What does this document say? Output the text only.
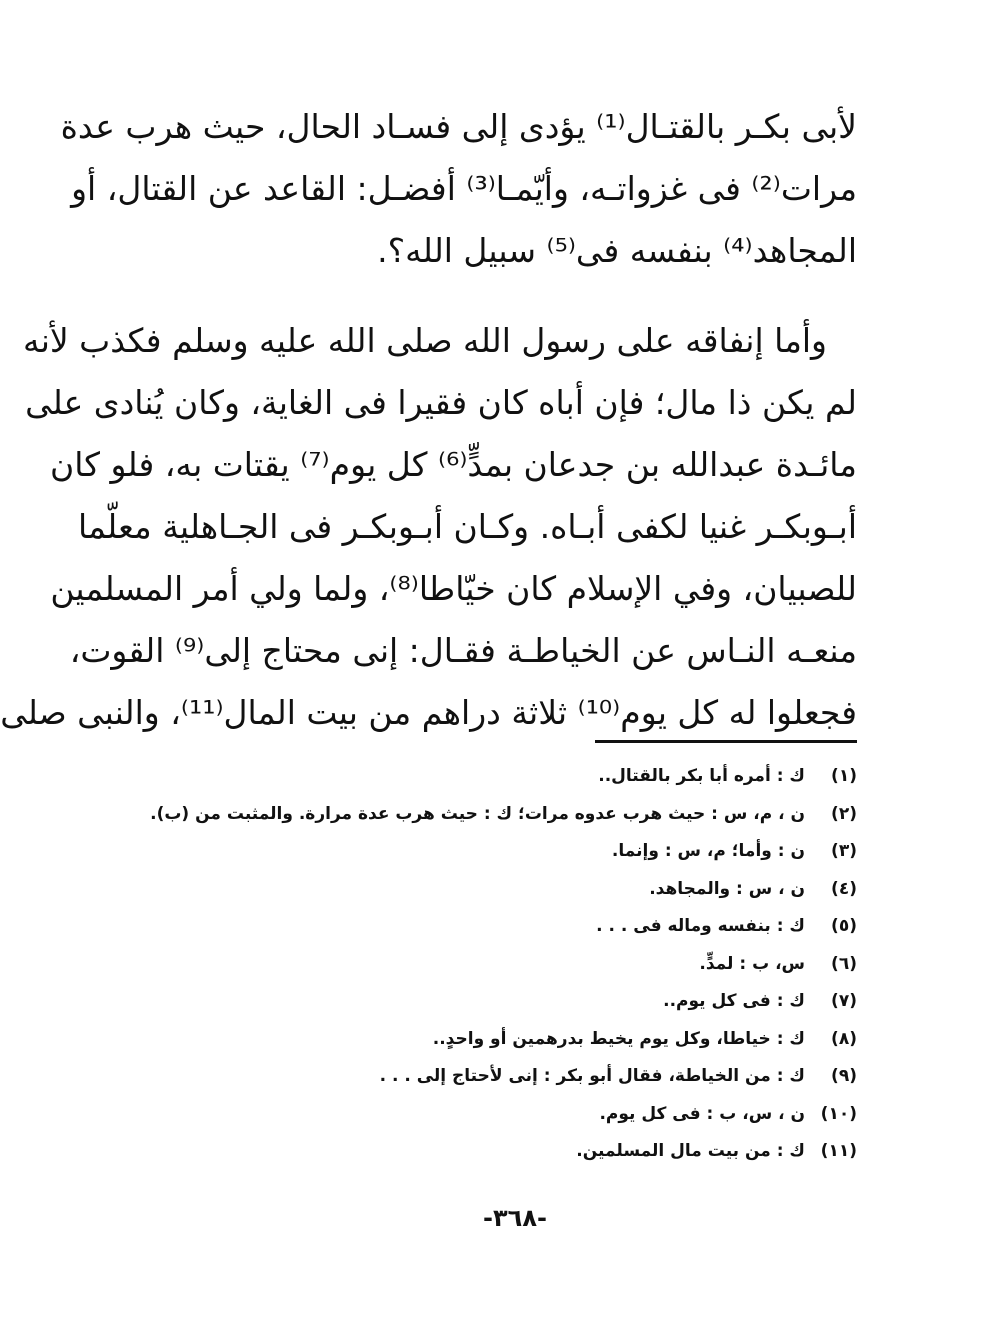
لأبى بكـر بالقتـال⁽¹⁾ يؤدى إلى فسـاد الحال، حيث هرب عدة
مرات⁽²⁾ فى غزواتـه، وأيّمـا⁽³⁾ أفضـل: القاعد عن القتال، أو
المجاهد⁽⁴⁾ بنفسه فى⁽⁵⁾ سبيل الله؟.
وأما إنفاقه على رسول الله صلى الله عليه وسلم فكذب لأنه
لم يكن ذا مال؛ فإن أباه كان فقيرا فى الغاية، وكان يُنادى على
مائـدة عبدالله بن جدعان بمدٍّ⁽⁶⁾ كل يوم⁽⁷⁾ يقتات به، فلو كان
أبـوبكـر غنيا لكفى أبـاه. وكـان أبـوبكـر فى الجـاهلية معلّما
للصبيان، وفي الإسلام كان خيّاطا⁽⁸⁾، ولما ولي أمر المسلمين
منعـه النـاس عن الخياطـة فقـال: إنى محتاج إلى⁽⁹⁾ القوت،
فجعلوا له كل يوم⁽¹⁰⁾ ثلاثة دراهم من بيت المال⁽¹¹⁾، والنبى صلى
(١)
ك : أمره أبا بكر بالقتال..
(٢)
ن ، م، س : حيث هرب عدوه مرات؛ ك : حيث هرب عدة مرارة. والمثبت من (ب).
(٣)
ن : وأما؛ م، س : وإنما.
(٤)
ن ، س : والمجاهد.
(٥)
ك : بنفسه وماله فى . . .
(٦)
س، ب : لمدٍّ.
(٧)
ك : فى كل يوم..
(٨)
ك : خياطا، وكل يوم يخيط بدرهمين أو واحدٍ..
(٩)
ك : من الخياطة، فقال أبو بكر : إنى لأحتاج إلى . . .
(١٠)
ن ، س، ب : فى كل يوم.
(١١)
ك : من بيت مال المسلمين.
-٣٦٨-
